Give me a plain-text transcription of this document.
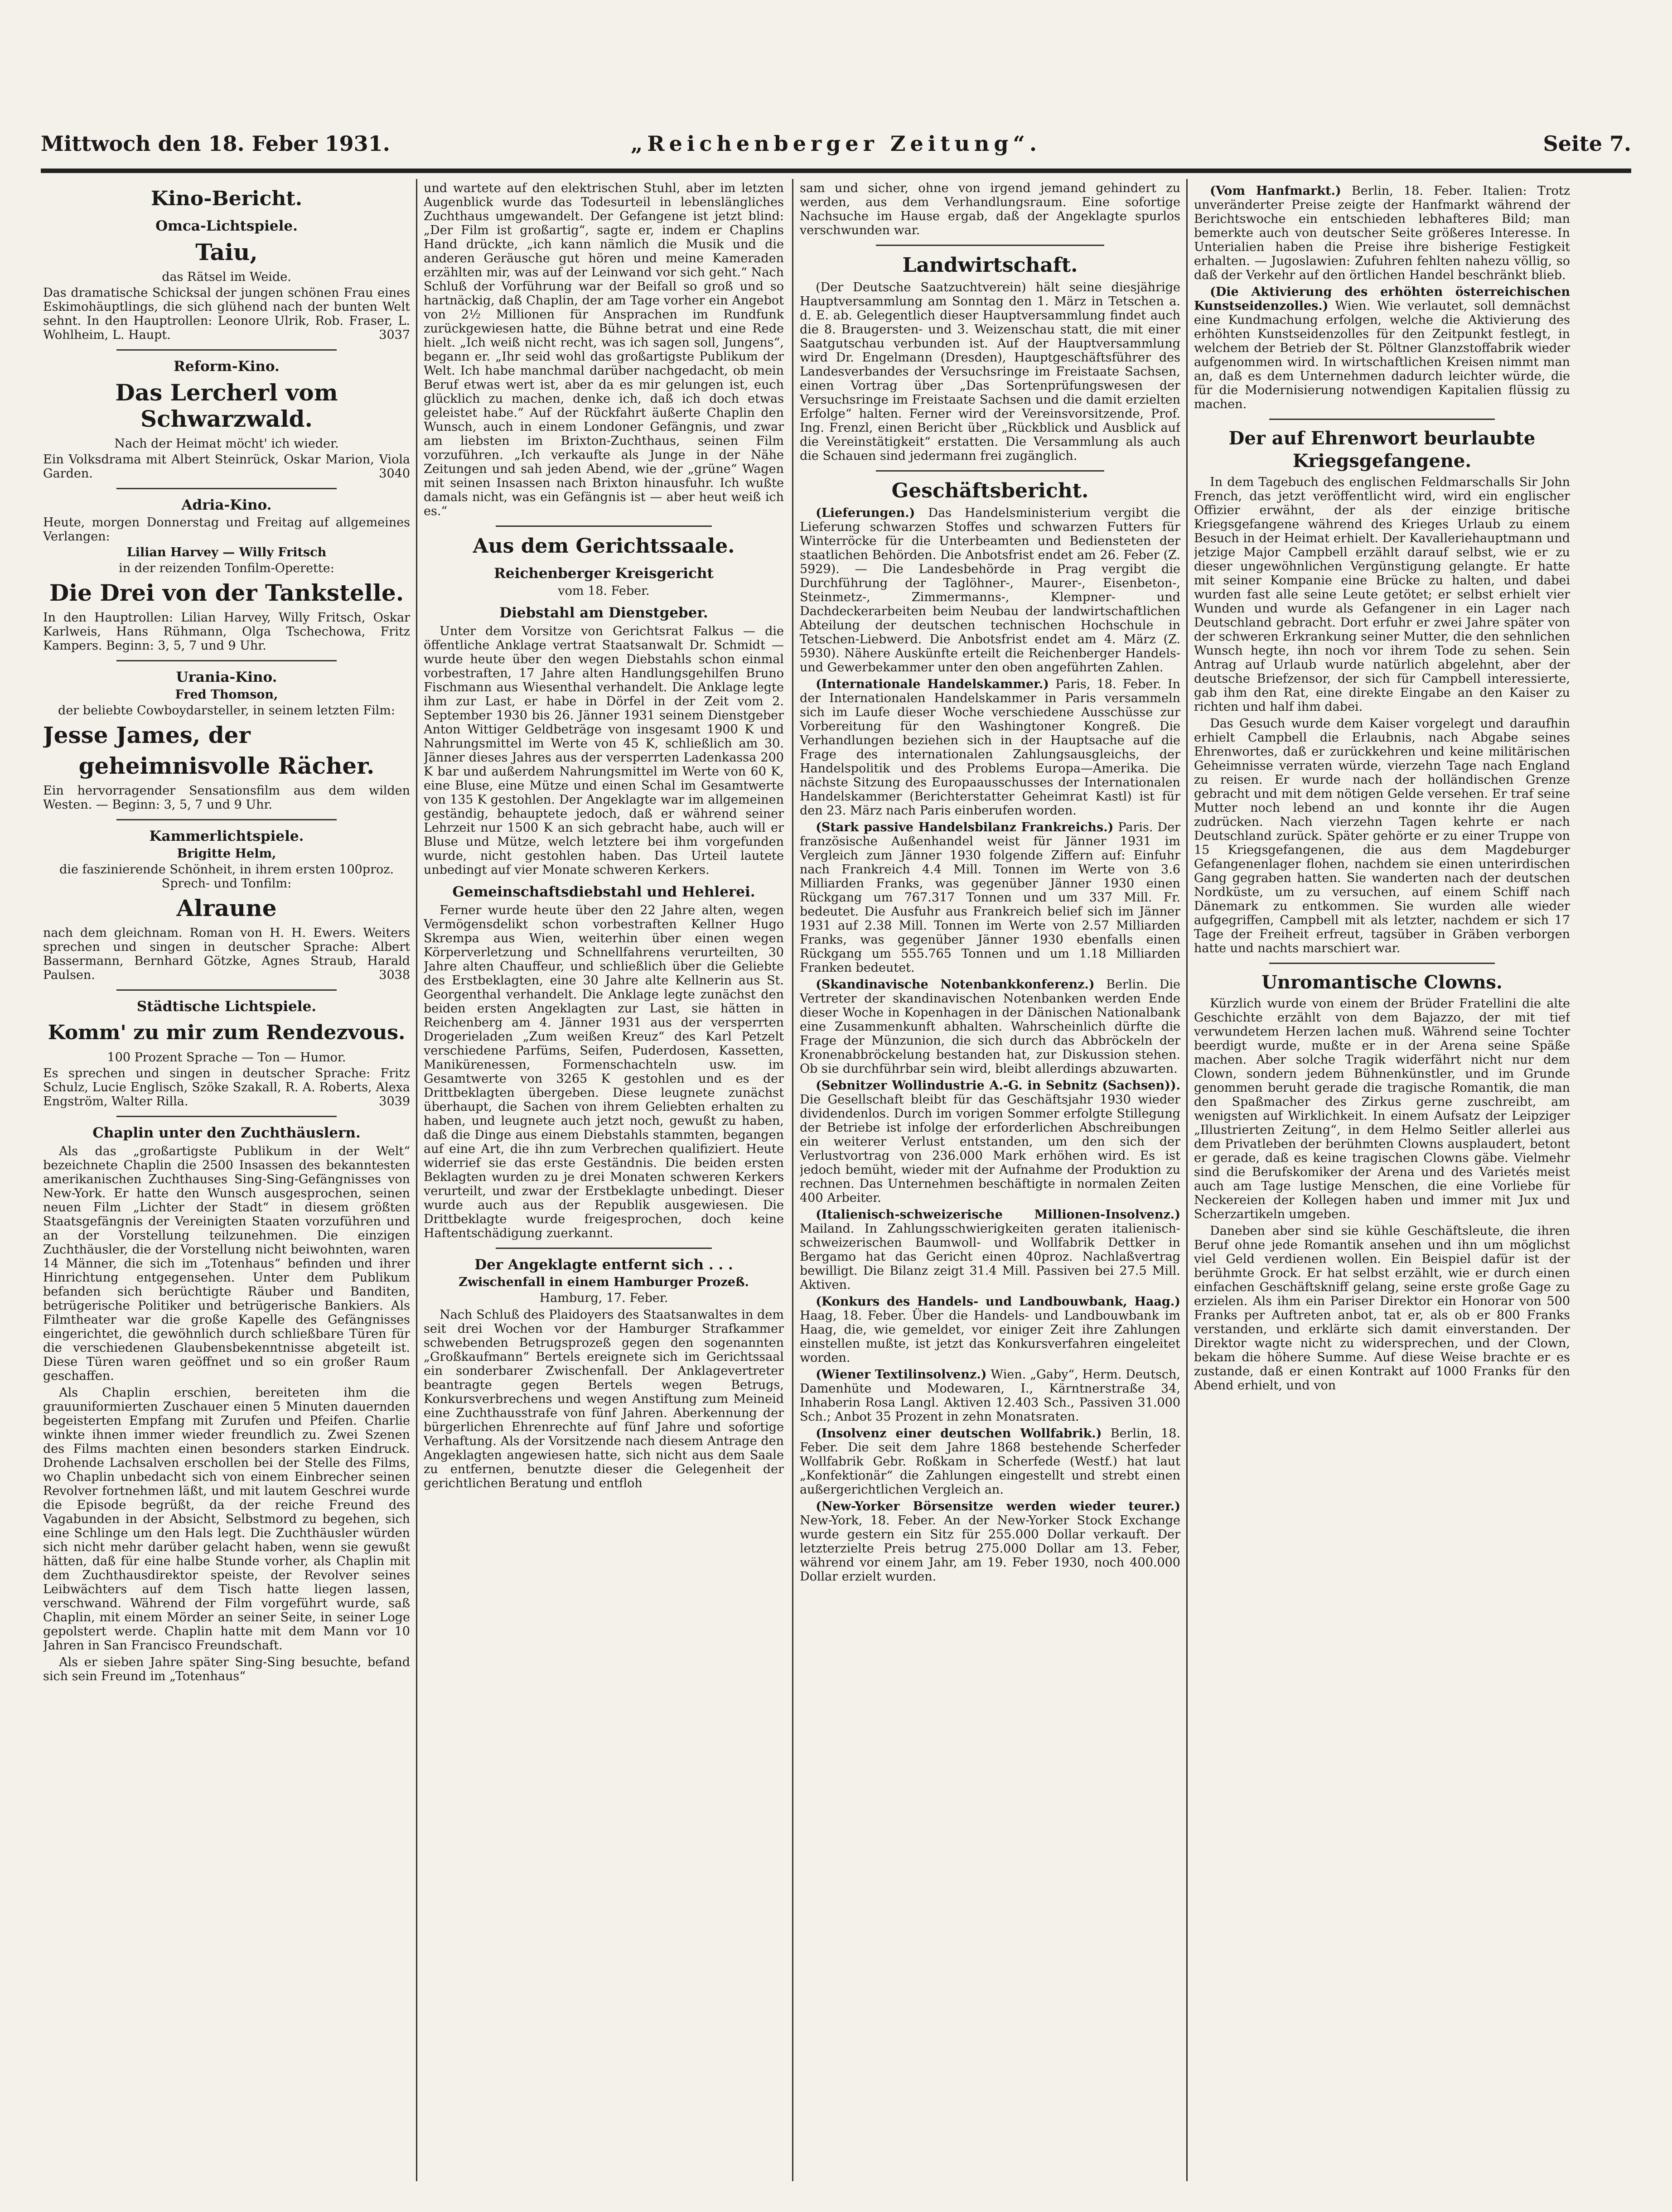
Mittwoch den 18. Feber 1931.	„Reichenberger Zeitung“.	Seite 7.
Kino-Bericht.
Omca-Lichtspiele.
Taiu,
das Rätsel im Weide.
Das dramatische Schicksal der jungen schönen Frau eines Eskimohäuptlings, die sich glühend nach der bunten Welt sehnt. In den Hauptrollen: Leonore Ulrik, Rob. Fraser, L. Wohlheim, L. Haupt.	3037
Reform-Kino.
Das Lercherl vom Schwarzwald.
Nach der Heimat möcht' ich wieder.
Ein Volksdrama mit Albert Steinrück, Oskar Marion, Viola Garden.	3040
Adria-Kino.
Heute, morgen Donnerstag und Freitag auf allgemeines Verlangen:
Lilian Harvey — Willy Fritsch
in der reizenden Tonfilm-Operette:
Die Drei von der Tankstelle.
In den Hauptrollen: Lilian Harvey, Willy Fritsch, Oskar Karlweis, Hans Rühmann, Olga Tschechowa, Fritz Kampers. Beginn: 3, 5, 7 und 9 Uhr.
Urania-Kino.
Fred Thomson,
der beliebte Cowboydarsteller, in seinem letzten Film:
Jesse James, der
geheimnisvolle Rächer.
Ein hervorragender Sensationsfilm aus dem wilden Westen. — Beginn: 3, 5, 7 und 9 Uhr.
Kammerlichtspiele.
Brigitte Helm,
die faszinierende Schönheit, in ihrem ersten 100proz. Sprech- und Tonfilm:
Alraune
nach dem gleichnam. Roman von H. H. Ewers. Weiters sprechen und singen in deutscher Sprache: Albert Bassermann, Bernhard Götzke, Agnes Straub, Harald Paulsen.	3038
Städtische Lichtspiele.
Komm' zu mir zum Rendezvous.
100 Prozent Sprache — Ton — Humor.
Es sprechen und singen in deutscher Sprache: Fritz Schulz, Lucie Englisch, Szöke Szakall, R. A. Roberts, Alexa Engström, Walter Rilla.	3039
Chaplin unter den Zuchthäuslern.

Als das „großartigste Publikum in der Welt“ bezeichnete Chaplin die 2500 Insassen des bekanntesten amerikanischen Zuchthauses Sing-Sing-Gefängnisses von New-York. Er hatte den Wunsch ausgesprochen, seinen neuen Film „Lichter der Stadt“ in diesem größten Staatsgefängnis der Vereinigten Staaten vorzuführen und an der Vorstellung teilzunehmen. Die einzigen Zuchthäusler, die der Vorstellung nicht beiwohnten, waren 14 Männer, die sich im „Totenhaus“ befinden und ihrer Hinrichtung entgegensehen. Unter dem Publikum befanden sich berüchtigte Räuber und Banditen, betrügerische Politiker und betrügerische Bankiers. Als Filmtheater war die große Kapelle des Gefängnisses eingerichtet, die gewöhnlich durch schließbare Türen für die verschiedenen Glaubensbekenntnisse abgeteilt ist. Diese Türen waren geöffnet und so ein großer Raum geschaffen.

Als Chaplin erschien, bereiteten ihm die grauuniformierten Zuschauer einen 5 Minuten dauernden begeisterten Empfang mit Zurufen und Pfeifen. Charlie winkte ihnen immer wieder freundlich zu. Zwei Szenen des Films machten einen besonders starken Eindruck. Drohende Lachsalven erschollen bei der Stelle des Films, wo Chaplin unbedacht sich von einem Einbrecher seinen Revolver fortnehmen läßt, und mit lautem Geschrei wurde die Episode begrüßt, da der reiche Freund des Vagabunden in der Absicht, Selbstmord zu begehen, sich eine Schlinge um den Hals legt. Die Zuchthäusler würden sich nicht mehr darüber gelacht haben, wenn sie gewußt hätten, daß für eine halbe Stunde vorher, als Chaplin mit dem Zuchthausdirektor speiste, der Revolver seines Leibwächters auf dem Tisch hatte liegen lassen, verschwand. Während der Film vorgeführt wurde, saß Chaplin, mit einem Mörder an seiner Seite, in seiner Loge gepolstert werde. Chaplin hatte mit dem Mann vor 10 Jahren in San Francisco Freundschaft.

Als er sieben Jahre später Sing-Sing besuchte, befand sich sein Freund im „Totenhaus“

und wartete auf den elektrischen Stuhl, aber im letzten Augenblick wurde das Todesurteil in lebenslängliches Zuchthaus umgewandelt. Der Gefangene ist jetzt blind: „Der Film ist großartig“, sagte er, indem er Chaplins Hand drückte, „ich kann nämlich die Musik und die anderen Geräusche gut hören und meine Kameraden erzählten mir, was auf der Leinwand vor sich geht.“ Nach Schluß der Vorführung war der Beifall so groß und so hartnäckig, daß Chaplin, der am Tage vorher ein Angebot von 2½ Millionen für Ansprachen im Rundfunk zurückgewiesen hatte, die Bühne betrat und eine Rede hielt. „Ich weiß nicht recht, was ich sagen soll, Jungens“, begann er. „Ihr seid wohl das großartigste Publikum der Welt. Ich habe manchmal darüber nachgedacht, ob mein Beruf etwas wert ist, aber da es mir gelungen ist, euch glücklich zu machen, denke ich, daß ich doch etwas geleistet habe.“ Auf der Rückfahrt äußerte Chaplin den Wunsch, auch in einem Londoner Gefängnis, und zwar am liebsten im Brixton-Zuchthaus, seinen Film vorzuführen. „Ich verkaufte als Junge in der Nähe Zeitungen und sah jeden Abend, wie der „grüne“ Wagen mit seinen Insassen nach Brixton hinausfuhr. Ich wußte damals nicht, was ein Gefängnis ist — aber heut weiß ich es.“

Aus dem Gerichtssaale.
Reichenberger Kreisgericht
vom 18. Feber.
Diebstahl am Dienstgeber.

Unter dem Vorsitze von Gerichtsrat Falkus — die öffentliche Anklage vertrat Staatsanwalt Dr. Schmidt — wurde heute über den wegen Diebstahls schon einmal vorbestraften, 17 Jahre alten Handlungsgehilfen Bruno Fischmann aus Wiesenthal verhandelt. Die Anklage legte ihm zur Last, er habe in Dörfel in der Zeit vom 2. September 1930 bis 26. Jänner 1931 seinem Dienstgeber Anton Wittiger Geldbeträge von insgesamt 1900 K und Nahrungsmittel im Werte von 45 K, schließlich am 30. Jänner dieses Jahres aus der versperrten Ladenkassa 200 K bar und außerdem Nahrungsmittel im Werte von 60 K, eine Bluse, eine Mütze und einen Schal im Gesamtwerte von 135 K gestohlen. Der Angeklagte war im allgemeinen geständig, behauptete jedoch, daß er während seiner Lehrzeit nur 1500 K an sich gebracht habe, auch will er Bluse und Mütze, welch letztere bei ihm vorgefunden wurde, nicht gestohlen haben. Das Urteil lautete unbedingt auf vier Monate schweren Kerkers.

Gemeinschaftsdiebstahl und Hehlerei.

Ferner wurde heute über den 22 Jahre alten, wegen Vermögensdelikt schon vorbestraften Kellner Hugo Skrempa aus Wien, weiterhin über einen wegen Körperverletzung und Schnellfahrens verurteilten, 30 Jahre alten Chauffeur, und schließlich über die Geliebte des Erstbeklagten, eine 30 Jahre alte Kellnerin aus St. Georgenthal verhandelt. Die Anklage legte zunächst den beiden ersten Angeklagten zur Last, sie hätten in Reichenberg am 4. Jänner 1931 aus der versperrten Drogerieladen „Zum weißen Kreuz“ des Karl Petzelt verschiedene Parfüms, Seifen, Puderdosen, Kassetten, Manikürenessen, Formenschachteln usw. im Gesamtwerte von 3265 K gestohlen und es der Drittbeklagten übergeben. Diese leugnete zunächst überhaupt, die Sachen von ihrem Geliebten erhalten zu haben, und leugnete auch jetzt noch, gewußt zu haben, daß die Dinge aus einem Diebstahls stammten, begangen auf eine Art, die ihn zum Verbrechen qualifiziert. Heute widerrief sie das erste Geständnis. Die beiden ersten Beklagten wurden zu je drei Monaten schweren Kerkers verurteilt, und zwar der Erstbeklagte unbedingt. Dieser wurde auch aus der Republik ausgewiesen. Die Drittbeklagte wurde freigesprochen, doch keine Haftentschädigung zuerkannt.

Der Angeklagte entfernt sich . . .
Zwischenfall in einem Hamburger Prozeß.
Hamburg, 17. Feber.

Nach Schluß des Plaidoyers des Staatsanwaltes in dem seit drei Wochen vor der Hamburger Strafkammer schwebenden Betrugsprozeß gegen den sogenannten „Großkaufmann“ Bertels ereignete sich im Gerichtssaal ein sonderbarer Zwischenfall. Der Anklagevertreter beantragte gegen Bertels wegen Betrugs, Konkursverbrechens und wegen Anstiftung zum Meineid eine Zuchthausstrafe von fünf Jahren. Aberkennung der bürgerlichen Ehrenrechte auf fünf Jahre und sofortige Verhaftung. Als der Vorsitzende nach diesem Antrage den Angeklagten angewiesen hatte, sich nicht aus dem Saale zu entfernen, benutzte dieser die Gelegenheit der gerichtlichen Beratung und entfloh

sam und sicher, ohne von irgend jemand gehindert zu werden, aus dem Verhandlungsraum. Eine sofortige Nachsuche im Hause ergab, daß der Angeklagte spurlos verschwunden war.

Landwirtschaft.

(Der Deutsche Saatzuchtverein) hält seine diesjährige Hauptversammlung am Sonntag den 1. März in Tetschen a. d. E. ab. Gelegentlich dieser Hauptversammlung findet auch die 8. Braugersten- und 3. Weizenschau statt, die mit einer Saatgutschau verbunden ist. Auf der Hauptversammlung wird Dr. Engelmann (Dresden), Hauptgeschäftsführer des Landesverbandes der Versuchsringe im Freistaate Sachsen, einen Vortrag über „Das Sortenprüfungswesen der Versuchsringe im Freistaate Sachsen und die damit erzielten Erfolge“ halten. Ferner wird der Vereinsvorsitzende, Prof. Ing. Frenzl, einen Bericht über „Rückblick und Ausblick auf die Vereinstätigkeit“ erstatten. Die Versammlung als auch die Schauen sind jedermann frei zugänglich.

Geschäftsbericht.

(Lieferungen.) Das Handelsministerium vergibt die Lieferung schwarzen Stoffes und schwarzen Futters für Winterröcke für die Unterbeamten und Bediensteten der staatlichen Behörden. Die Anbotsfrist endet am 26. Feber (Z. 5929). — Die Landesbehörde in Prag vergibt die Durchführung der Taglöhner-, Maurer-, Eisenbeton-, Steinmetz-, Zimmermanns-, Klempner- und Dachdeckerarbeiten beim Neubau der landwirtschaftlichen Abteilung der deutschen technischen Hochschule in Tetschen-Liebwerd. Die Anbotsfrist endet am 4. März (Z. 5930). Nähere Auskünfte erteilt die Reichenberger Handels- und Gewerbekammer unter den oben angeführten Zahlen.

(Internationale Handelskammer.) Paris, 18. Feber. In der Internationalen Handelskammer in Paris versammeln sich im Laufe dieser Woche verschiedene Ausschüsse zur Vorbereitung für den Washingtoner Kongreß. Die Verhandlungen beziehen sich in der Hauptsache auf die Frage des internationalen Zahlungsausgleichs, der Handelspolitik und des Problems Europa—Amerika. Die nächste Sitzung des Europaausschusses der Internationalen Handelskammer (Berichterstatter Geheimrat Kastl) ist für den 23. März nach Paris einberufen worden.

(Stark passive Handelsbilanz Frankreichs.) Paris. Der französische Außenhandel weist für Jänner 1931 im Vergleich zum Jänner 1930 folgende Ziffern auf: Einfuhr nach Frankreich 4.4 Mill. Tonnen im Werte von 3.6 Milliarden Franks, was gegenüber Jänner 1930 einen Rückgang um 767.317 Tonnen und um 337 Mill. Fr. bedeutet. Die Ausfuhr aus Frankreich belief sich im Jänner 1931 auf 2.38 Mill. Tonnen im Werte von 2.57 Milliarden Franks, was gegenüber Jänner 1930 ebenfalls einen Rückgang um 555.765 Tonnen und um 1.18 Milliarden Franken bedeutet.

(Skandinavische Notenbankkonferenz.) Berlin. Die Vertreter der skandinavischen Notenbanken werden Ende dieser Woche in Kopenhagen in der Dänischen Nationalbank eine Zusammenkunft abhalten. Wahrscheinlich dürfte die Frage der Münzunion, die sich durch das Abbröckeln der Kronenabbröckelung bestanden hat, zur Diskussion stehen. Ob sie durchführbar sein wird, bleibt allerdings abzuwarten.

(Sebnitzer Wollindustrie A.-G. in Sebnitz (Sachsen)). Die Gesellschaft bleibt für das Geschäftsjahr 1930 wieder dividendenlos. Durch im vorigen Sommer erfolgte Stillegung der Betriebe ist infolge der erforderlichen Abschreibungen ein weiterer Verlust entstanden, um den sich der Verlustvortrag von 236.000 Mark erhöhen wird. Es ist jedoch bemüht, wieder mit der Aufnahme der Produktion zu rechnen. Das Unternehmen beschäftigte in normalen Zeiten 400 Arbeiter.

(Italienisch-schweizerische Millionen-Insolvenz.) Mailand. In Zahlungsschwierigkeiten geraten italienisch-schweizerischen Baumwoll- und Wollfabrik Dettker in Bergamo hat das Gericht einen 40proz. Nachlaßvertrag bewilligt. Die Bilanz zeigt 31.4 Mill. Passiven bei 27.5 Mill. Aktiven.

(Konkurs des Handels- und Landbouwbank, Haag.) Haag, 18. Feber. Über die Handels- und Landbouwbank im Haag, die, wie gemeldet, vor einiger Zeit ihre Zahlungen einstellen mußte, ist jetzt das Konkursverfahren eingeleitet worden.

(Wiener Textilinsolvenz.) Wien. „Gaby“, Herm. Deutsch, Damenhüte und Modewaren, I., Kärntnerstraße 34, Inhaberin Rosa Langl. Aktiven 12.403 Sch., Passiven 31.000 Sch.; Anbot 35 Prozent in zehn Monatsraten.

(Insolvenz einer deutschen Wollfabrik.) Berlin, 18. Feber. Die seit dem Jahre 1868 bestehende Scherfeder Wollfabrik Gebr. Roßkam in Scherfede (Westf.) hat laut „Konfektionär“ die Zahlungen eingestellt und strebt einen außergerichtlichen Vergleich an.

(New-Yorker Börsensitze werden wieder teurer.) New-York, 18. Feber. An der New-Yorker Stock Exchange wurde gestern ein Sitz für 255.000 Dollar verkauft. Der letzterzielte Preis betrug 275.000 Dollar am 13. Feber, während vor einem Jahr, am 19. Feber 1930, noch 400.000 Dollar erzielt wurden.

(Vom Hanfmarkt.) Berlin, 18. Feber. Italien: Trotz unveränderter Preise zeigte der Hanfmarkt während der Berichtswoche ein entschieden lebhafteres Bild; man bemerkte auch von deutscher Seite größeres Interesse. In Unterialien haben die Preise ihre bisherige Festigkeit erhalten. — Jugoslawien: Zufuhren fehlten nahezu völlig, so daß der Verkehr auf den örtlichen Handel beschränkt blieb.

(Die Aktivierung des erhöhten österreichischen Kunstseidenzolles.) Wien. Wie verlautet, soll demnächst eine Kundmachung erfolgen, welche die Aktivierung des erhöhten Kunstseidenzolles für den Zeitpunkt festlegt, in welchem der Betrieb der St. Pöltner Glanzstoffabrik wieder aufgenommen wird. In wirtschaftlichen Kreisen nimmt man an, daß es dem Unternehmen dadurch leichter würde, die für die Modernisierung notwendigen Kapitalien flüssig zu machen.

Der auf Ehrenwort beurlaubte Kriegsgefangene.

In dem Tagebuch des englischen Feldmarschalls Sir John French, das jetzt veröffentlicht wird, wird ein englischer Offizier erwähnt, der als der einzige britische Kriegsgefangene während des Krieges Urlaub zu einem Besuch in der Heimat erhielt. Der Kavalleriehauptmann und jetzige Major Campbell erzählt darauf selbst, wie er zu dieser ungewöhnlichen Vergünstigung gelangte. Er hatte mit seiner Kompanie eine Brücke zu halten, und dabei wurden fast alle seine Leute getötet; er selbst erhielt vier Wunden und wurde als Gefangener in ein Lager nach Deutschland gebracht. Dort erfuhr er zwei Jahre später von der schweren Erkrankung seiner Mutter, die den sehnlichen Wunsch hegte, ihn noch vor ihrem Tode zu sehen. Sein Antrag auf Urlaub wurde natürlich abgelehnt, aber der deutsche Briefzensor, der sich für Campbell interessierte, gab ihm den Rat, eine direkte Eingabe an den Kaiser zu richten und half ihm dabei.

Das Gesuch wurde dem Kaiser vorgelegt und daraufhin erhielt Campbell die Erlaubnis, nach Abgabe seines Ehrenwortes, daß er zurückkehren und keine militärischen Geheimnisse verraten würde, vierzehn Tage nach England zu reisen. Er wurde nach der holländischen Grenze gebracht und mit dem nötigen Gelde versehen. Er traf seine Mutter noch lebend an und konnte ihr die Augen zudrücken. Nach vierzehn Tagen kehrte er nach Deutschland zurück. Später gehörte er zu einer Truppe von 15 Kriegsgefangenen, die aus dem Magdeburger Gefangenenlager flohen, nachdem sie einen unterirdischen Gang gegraben hatten. Sie wanderten nach der deutschen Nordküste, um zu versuchen, auf einem Schiff nach Dänemark zu entkommen. Sie wurden alle wieder aufgegriffen, Campbell mit als letzter, nachdem er sich 17 Tage der Freiheit erfreut, tagsüber in Gräben verborgen hatte und nachts marschiert war.

Unromantische Clowns.

Kürzlich wurde von einem der Brüder Fratellini die alte Geschichte erzählt von dem Bajazzo, der mit tief verwundetem Herzen lachen muß. Während seine Tochter beerdigt wurde, mußte er in der Arena seine Späße machen. Aber solche Tragik widerfährt nicht nur dem Clown, sondern jedem Bühnenkünstler, und im Grunde genommen beruht gerade die tragische Romantik, die man den Spaßmacher des Zirkus gerne zuschreibt, am wenigsten auf Wirklichkeit. In einem Aufsatz der Leipziger „Illustrierten Zeitung“, in dem Helmo Seitler allerlei aus dem Privatleben der berühmten Clowns ausplaudert, betont er gerade, daß es keine tragischen Clowns gäbe. Vielmehr sind die Berufskomiker der Arena und des Varietés meist auch am Tage lustige Menschen, die eine Vorliebe für Neckereien der Kollegen haben und immer mit Jux und Scherzartikeln umgeben.

Daneben aber sind sie kühle Geschäftsleute, die ihren Beruf ohne jede Romantik ansehen und ihn um möglichst viel Geld verdienen wollen. Ein Beispiel dafür ist der berühmte Grock. Er hat selbst erzählt, wie er durch einen einfachen Geschäftskniff gelang, seine erste große Gage zu erzielen. Als ihm ein Pariser Direktor ein Honorar von 500 Franks per Auftreten anbot, tat er, als ob er 800 Franks verstanden, und erklärte sich damit einverstanden. Der Direktor wagte nicht zu widersprechen, und der Clown, bekam die höhere Summe. Auf diese Weise brachte er es zustande, daß er einen Kontrakt auf 1000 Franks für den Abend erhielt, und von
